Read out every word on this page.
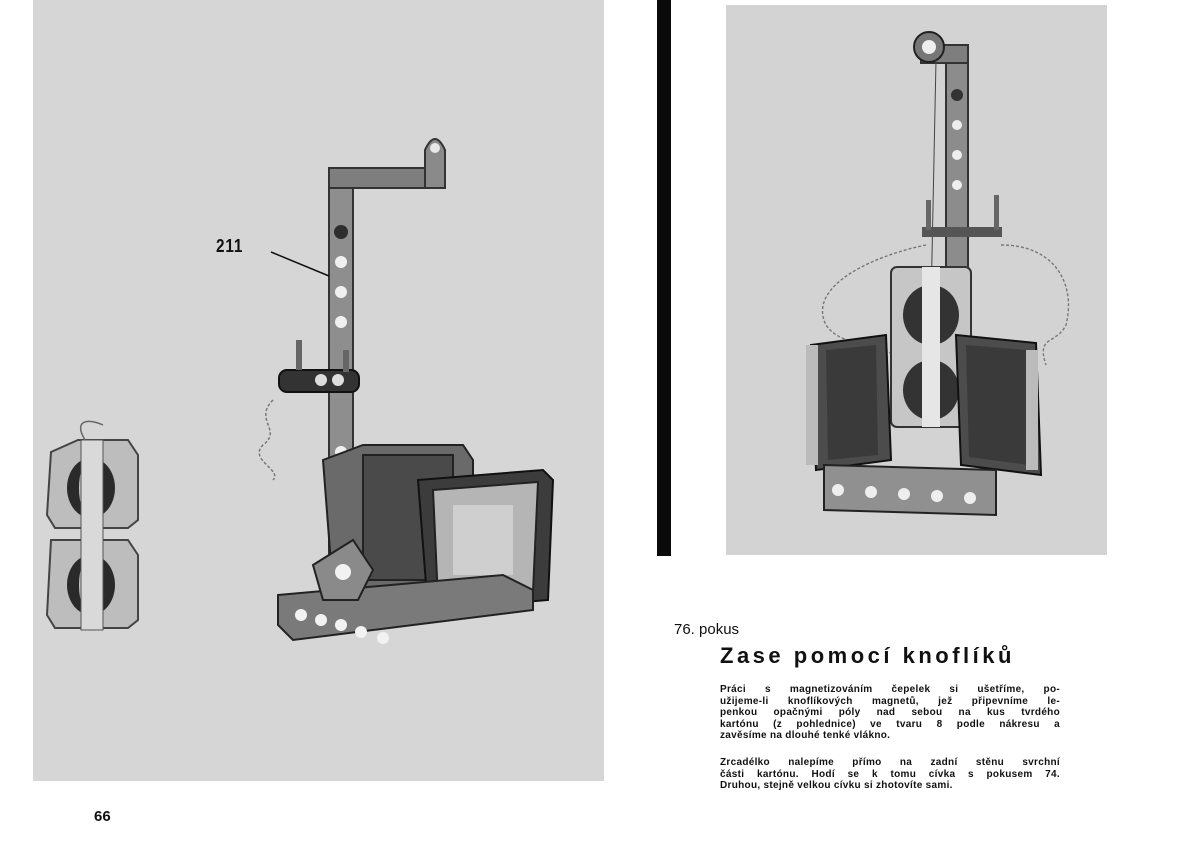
211
76. pokus
Zase pomocí knoflíků
Práci s magnetizováním čepelek si ušetříme, po-
užijeme-li knoflíkových magnetů, jež připevníme le-
penkou opačnými póly nad sebou na kus tvrdého
kartónu (z pohlednice) ve tvaru 8 podle nákresu a
zavěsíme na dlouhé tenké vlákno.
Zrcadélko nalepíme přímo na zadní stěnu svrchní
části kartónu. Hodí se k tomu cívka s pokusem 74.
Druhou, stejně velkou cívku si zhotovíte sami.
66
